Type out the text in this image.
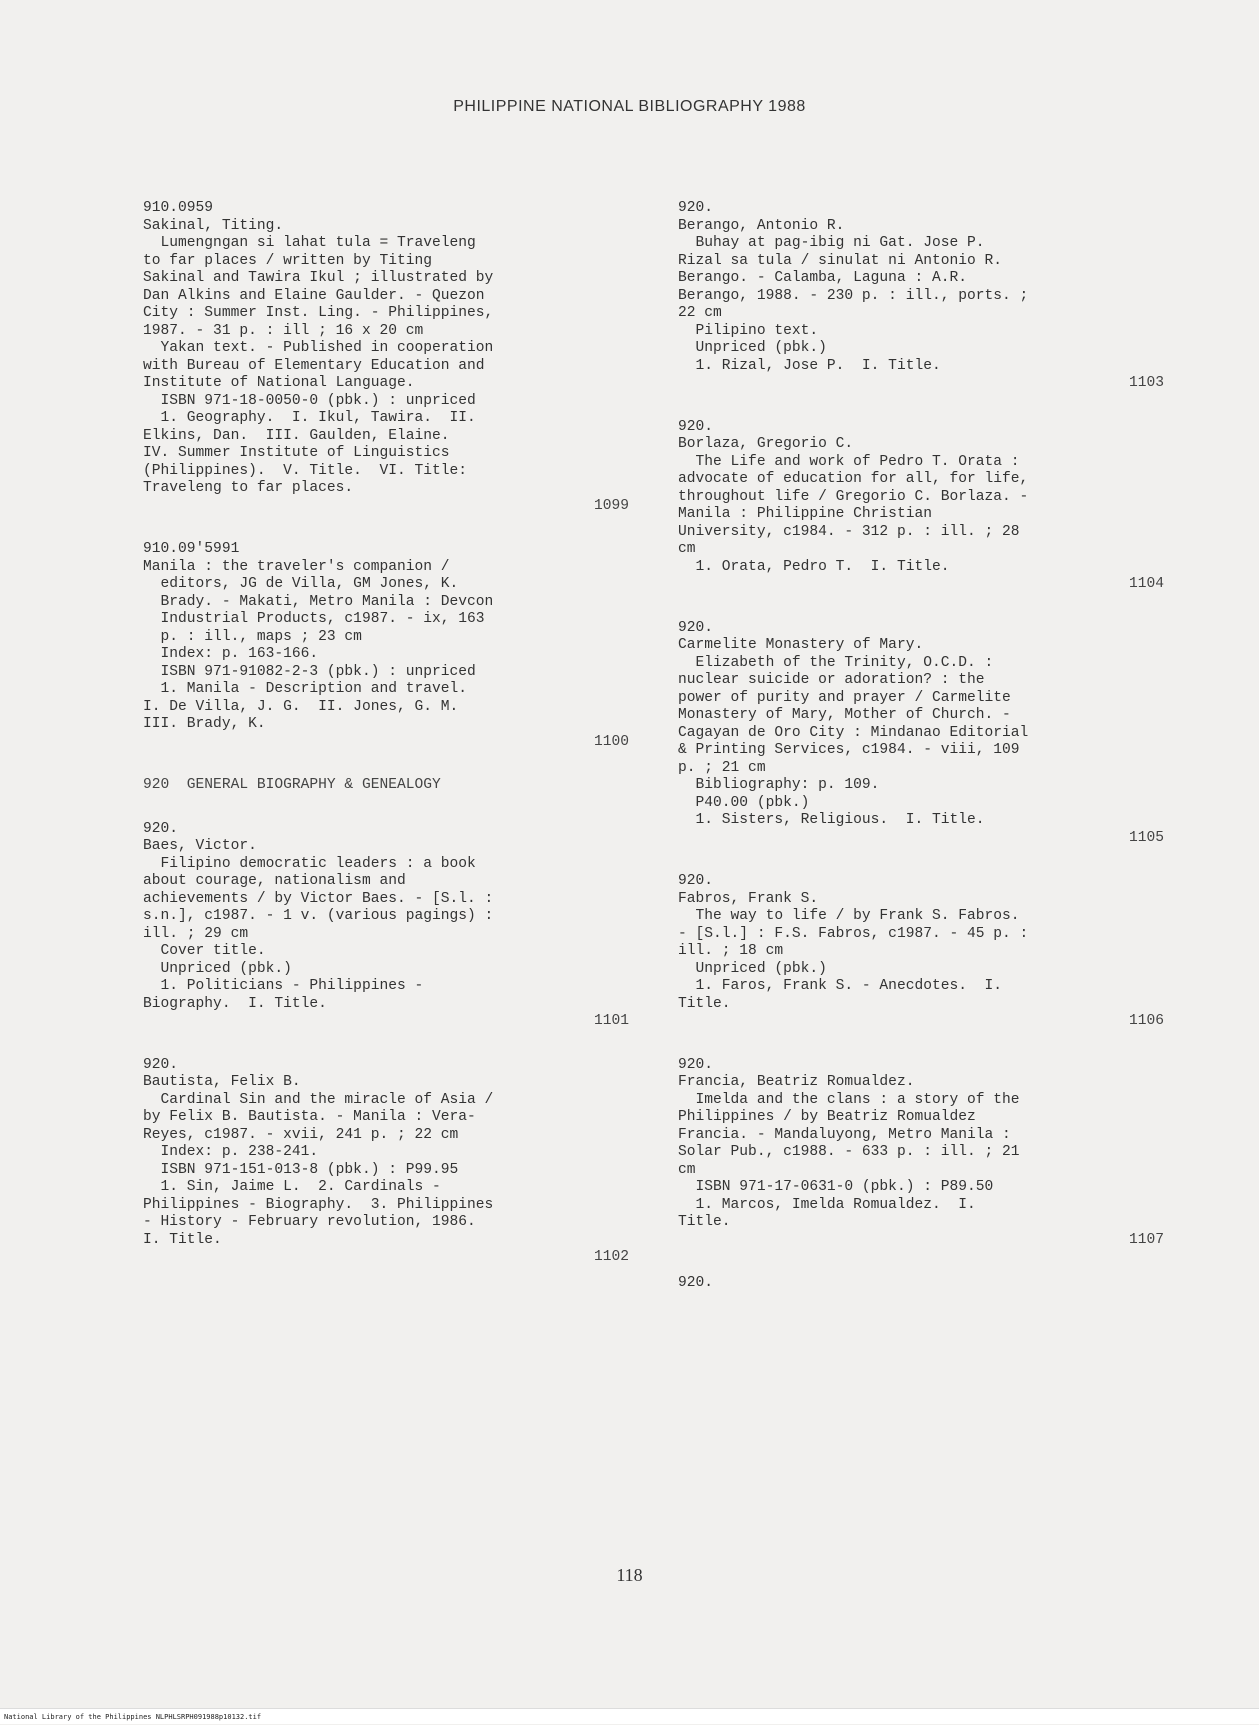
PHILIPPINE NATIONAL BIBLIOGRAPHY 1988
910.0959
Sakinal, Titing.
Lumengngan si lahat tula = Traveleng
to far places / written by Titing
Sakinal and Tawira Ikul ; illustrated by
Dan Alkins and Elaine Gaulder. - Quezon
City : Summer Inst. Ling. - Philippines,
1987. - 31 p. : ill ; 16 x 20 cm
Yakan text. - Published in cooperation
with Bureau of Elementary Education and
Institute of National Language.
ISBN 971-18-0050-0 (pbk.) : unpriced
1. Geography.  I. Ikul, Tawira.  II.
Elkins, Dan.  III. Gaulden, Elaine.
IV. Summer Institute of Linguistics
(Philippines).  V. Title.  VI. Title:
Traveleng to far places.
1099
910.09'5991
Manila : the traveler's companion /
editors, JG de Villa, GM Jones, K.
Brady. - Makati, Metro Manila : Devcon
Industrial Products, c1987. - ix, 163
p. : ill., maps ; 23 cm
Index: p. 163-166.
ISBN 971-91082-2-3 (pbk.) : unpriced
1. Manila - Description and travel.
I. De Villa, J. G.  II. Jones, G. M.
III. Brady, K.
1100
920  GENERAL BIOGRAPHY & GENEALOGY
920.
Baes, Victor.
Filipino democratic leaders : a book
about courage, nationalism and
achievements / by Victor Baes. - [S.l. :
s.n.], c1987. - 1 v. (various pagings) :
ill. ; 29 cm
Cover title.
Unpriced (pbk.)
1. Politicians - Philippines -
Biography.  I. Title.
1101
920.
Bautista, Felix B.
Cardinal Sin and the miracle of Asia /
by Felix B. Bautista. - Manila : Vera-
Reyes, c1987. - xvii, 241 p. ; 22 cm
Index: p. 238-241.
ISBN 971-151-013-8 (pbk.) : P99.95
1. Sin, Jaime L.  2. Cardinals -
Philippines - Biography.  3. Philippines
- History - February revolution, 1986.
I. Title.
1102
920.
Berango, Antonio R.
Buhay at pag-ibig ni Gat. Jose P.
Rizal sa tula / sinulat ni Antonio R.
Berango. - Calamba, Laguna : A.R.
Berango, 1988. - 230 p. : ill., ports. ;
22 cm
Pilipino text.
Unpriced (pbk.)
1. Rizal, Jose P.  I. Title.
1103
920.
Borlaza, Gregorio C.
The Life and work of Pedro T. Orata :
advocate of education for all, for life,
throughout life / Gregorio C. Borlaza. -
Manila : Philippine Christian
University, c1984. - 312 p. : ill. ; 28
cm
1. Orata, Pedro T.  I. Title.
1104
920.
Carmelite Monastery of Mary.
Elizabeth of the Trinity, O.C.D. :
nuclear suicide or adoration? : the
power of purity and prayer / Carmelite
Monastery of Mary, Mother of Church. -
Cagayan de Oro City : Mindanao Editorial
& Printing Services, c1984. - viii, 109
p. ; 21 cm
Bibliography: p. 109.
P40.00 (pbk.)
1. Sisters, Religious.  I. Title.
1105
920.
Fabros, Frank S.
The way to life / by Frank S. Fabros.
- [S.l.] : F.S. Fabros, c1987. - 45 p. :
ill. ; 18 cm
Unpriced (pbk.)
1. Faros, Frank S. - Anecdotes.  I.
Title.
1106
920.
Francia, Beatriz Romualdez.
Imelda and the clans : a story of the
Philippines / by Beatriz Romualdez
Francia. - Mandaluyong, Metro Manila :
Solar Pub., c1988. - 633 p. : ill. ; 21
cm
ISBN 971-17-0631-0 (pbk.) : P89.50
1. Marcos, Imelda Romualdez.  I.
Title.
1107
920.
118
National Library of the Philippines NLPHLSRPH091988p10132.tif
